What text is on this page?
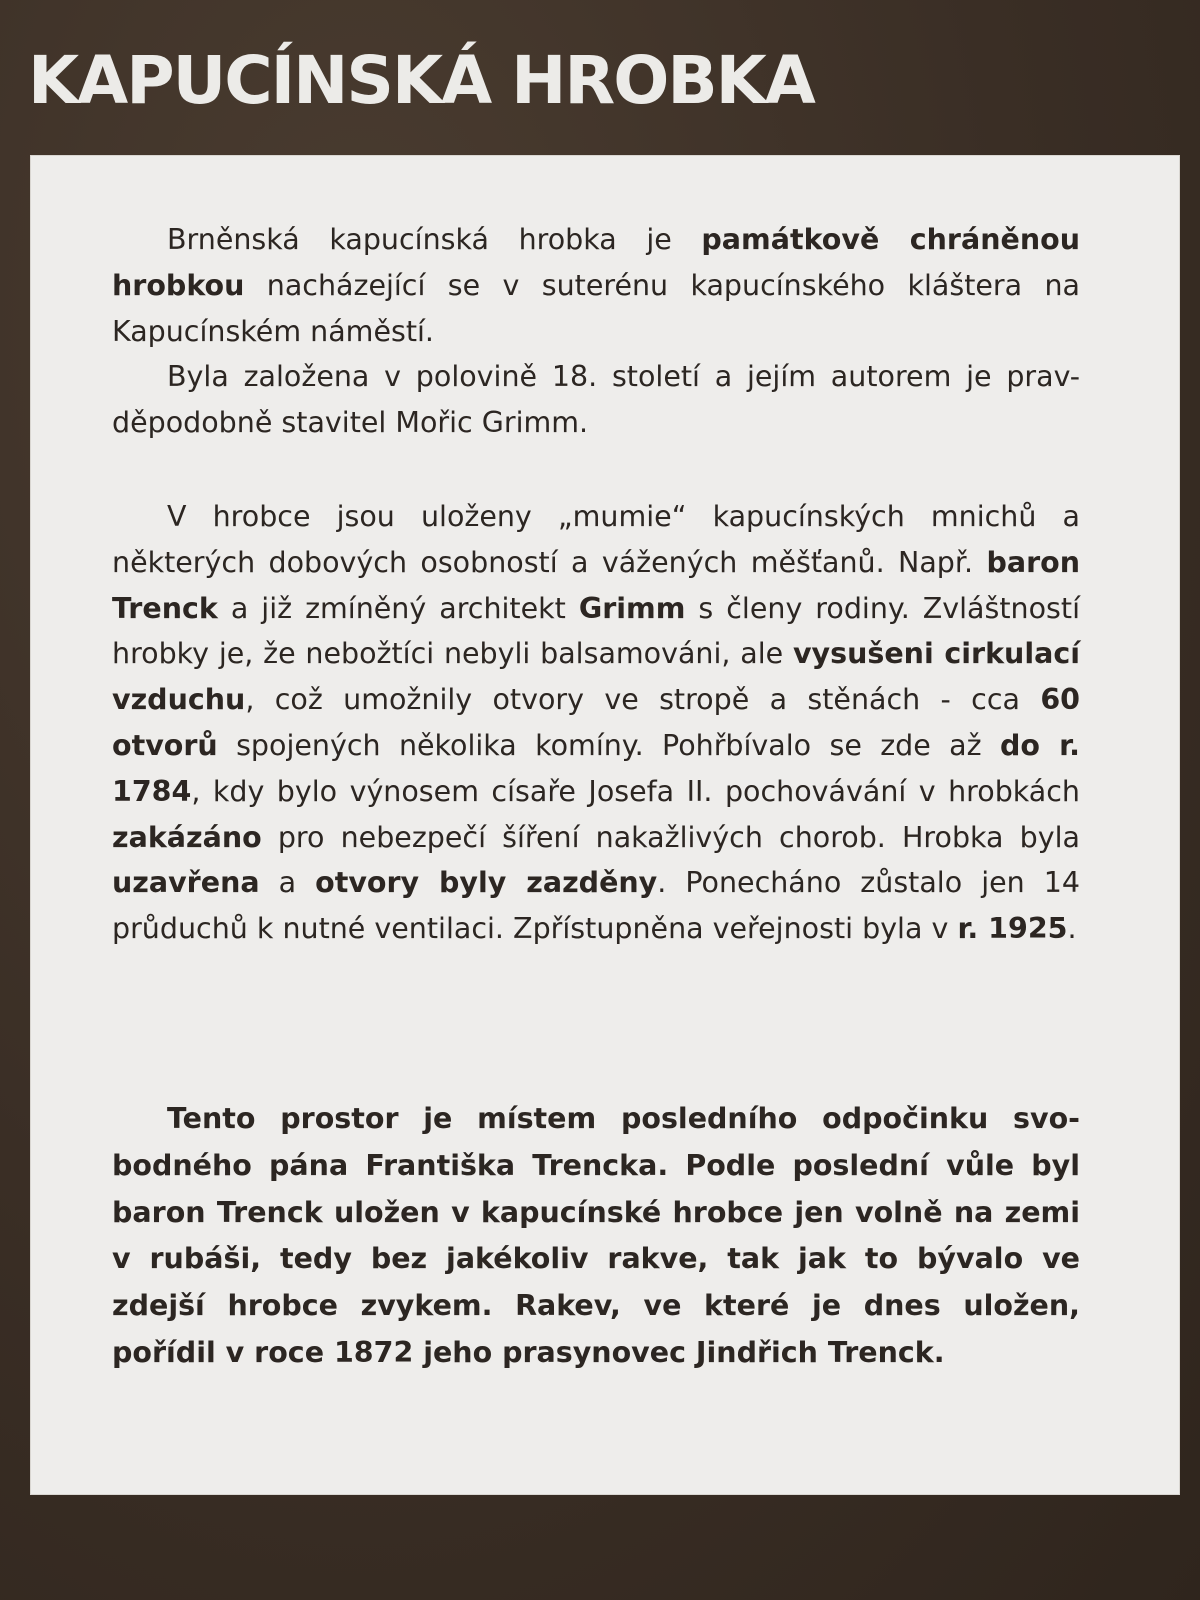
KAPUCÍNSKÁ HROBKA

Brněnská kapucínská hrobka je památkově chráněnou hrobkou nacházející se v suterénu kapucínského kláštera na Kapucínském náměstí.
Byla založena v polovině 18. století a jejím autorem je prav-děpodobně stavitel Mořic Grimm.

V hrobce jsou uloženy „mumie“ kapucínských mnichů a některých dobových osobností a vážených měšťanů. Např. baron Trenck a již zmíněný architekt Grimm s členy rodiny. Zvláštností hrobky je, že nebožtíci nebyli balsamováni, ale vysušeni cirkulací vzduchu, což umožnily otvory ve stropě a stěnách - cca 60 otvorů spojených několika komíny. Pohřbívalo se zde až do r. 1784, kdy bylo výnosem císaře Josefa II. pochovávání v hrobkách zakázáno pro nebezpečí šíření nakažlivých chorob. Hrobka byla uzavřena a otvory byly zazděny. Ponecháno zůstalo jen 14 průduchů k nutné ventilaci. Zpřístupněna veřejnosti byla v r. 1925.

Tento prostor je místem posledního odpočinku svo-bodného pána Františka Trencka. Podle poslední vůle byl baron Trenck uložen v kapucínské hrobce jen volně na zemi v rubáši, tedy bez jakékoliv rakve, tak jak to bývalo ve zdejší hrobce zvykem. Rakev, ve které je dnes uložen, pořídil v roce 1872 jeho prasynovec Jindřich Trenck.
